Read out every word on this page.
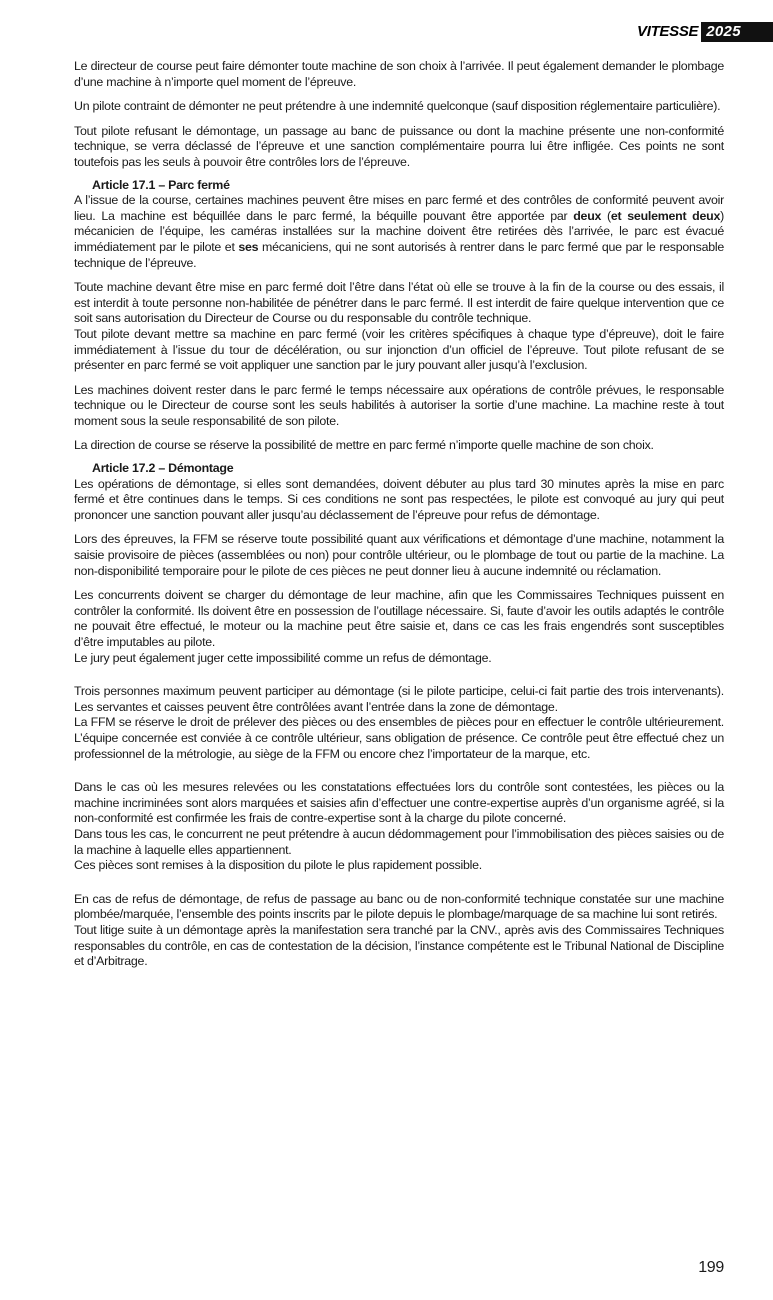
VITESSE 2025

Le directeur de course peut faire démonter toute machine de son choix à l’arrivée. Il peut également demander le plombage d’une machine à n’importe quel moment de l’épreuve.

Un pilote contraint de démonter ne peut prétendre à une indemnité quelconque (sauf disposition réglementaire particulière).

Tout pilote refusant le démontage, un passage au banc de puissance ou dont la machine présente une non-conformité technique, se verra déclassé de l’épreuve et une sanction complémentaire pourra lui être infligée. Ces points ne sont toutefois pas les seuls à pouvoir être contrôles lors de l’épreuve.

Article 17.1 – Parc fermé

A l’issue de la course, certaines machines peuvent être mises en parc fermé et des contrôles de conformité peuvent avoir lieu. La machine est béquillée dans le parc fermé, la béquille pouvant être apportée par deux (et seulement deux) mécanicien de l’équipe, les caméras installées sur la machine doivent être retirées dès l’arrivée, le parc est évacué immédiatement par le pilote et ses mécaniciens, qui ne sont autorisés à rentrer dans le parc fermé que par le responsable technique de l’épreuve.

Toute machine devant être mise en parc fermé doit l’être dans l’état où elle se trouve à la fin de la course ou des essais, il est interdit à toute personne non-habilitée de pénétrer dans le parc fermé. Il est interdit de faire quelque intervention que ce soit sans autorisation du Directeur de Course ou du responsable du contrôle technique.

Tout pilote devant mettre sa machine en parc fermé (voir les critères spécifiques à chaque type d’épreuve), doit le faire immédiatement à l’issue du tour de décélération, ou sur injonction d’un officiel de l’épreuve. Tout pilote refusant de se présenter en parc fermé se voit appliquer une sanction par le jury pouvant aller jusqu’à l’exclusion.

Les machines doivent rester dans le parc fermé le temps nécessaire aux opérations de contrôle prévues, le responsable technique ou le Directeur de course sont les seuls habilités à autoriser la sortie d’une machine. La machine reste à tout moment sous la seule responsabilité de son pilote.

La direction de course se réserve la possibilité de mettre en parc fermé n’importe quelle machine de son choix.

Article 17.2 – Démontage

Les opérations de démontage, si elles sont demandées, doivent débuter au plus tard 30 minutes après la mise en parc fermé et être continues dans le temps. Si ces conditions ne sont pas respectées, le pilote est convoqué au jury qui peut prononcer une sanction pouvant aller jusqu’au déclassement de l’épreuve pour refus de démontage.

Lors des épreuves, la FFM se réserve toute possibilité quant aux vérifications et démontage d’une machine, notamment la saisie provisoire de pièces (assemblées ou non) pour contrôle ultérieur, ou le plombage de tout ou partie de la machine. La non-disponibilité temporaire pour le pilote de ces pièces ne peut donner lieu à aucune indemnité ou réclamation.

Les concurrents doivent se charger du démontage de leur machine, afin que les Commissaires Techniques puissent en contrôler la conformité. Ils doivent être en possession de l’outillage nécessaire. Si, faute d’avoir les outils adaptés le contrôle ne pouvait être effectué, le moteur ou la machine peut être saisie et, dans ce cas les frais engendrés sont susceptibles d’être imputables au pilote.

Le jury peut également juger cette impossibilité comme un refus de démontage.

Trois personnes maximum peuvent participer au démontage (si le pilote participe, celui-ci fait partie des trois intervenants). Les servantes et caisses peuvent être contrôlées avant l’entrée dans la zone de démontage.

La FFM se réserve le droit de prélever des pièces ou des ensembles de pièces pour en effectuer le contrôle ultérieurement. L’équipe concernée est conviée à ce contrôle ultérieur, sans obligation de présence. Ce contrôle peut être effectué chez un professionnel de la métrologie, au siège de la FFM ou encore chez l’importateur de la marque, etc.

Dans le cas où les mesures relevées ou les constatations effectuées lors du contrôle sont contestées, les pièces ou la machine incriminées sont alors marquées et saisies afin d’effectuer une contre-expertise auprès d’un organisme agréé, si la non-conformité est confirmée les frais de contre-expertise sont à la charge du pilote concerné.

Dans tous les cas, le concurrent ne peut prétendre à aucun dédommagement pour l’immobilisation des pièces saisies ou de la machine à laquelle elles appartiennent.

Ces pièces sont remises à la disposition du pilote le plus rapidement possible.

En cas de refus de démontage, de refus de passage au banc ou de non-conformité technique constatée sur une machine plombée/marquée, l’ensemble des points inscrits par le pilote depuis le plombage/marquage de sa machine lui sont retirés.

Tout litige suite à un démontage après la manifestation sera tranché par la CNV., après avis des Commissaires Techniques responsables du contrôle, en cas de contestation de la décision, l’instance compétente est le Tribunal National de Discipline et d’Arbitrage.

199
